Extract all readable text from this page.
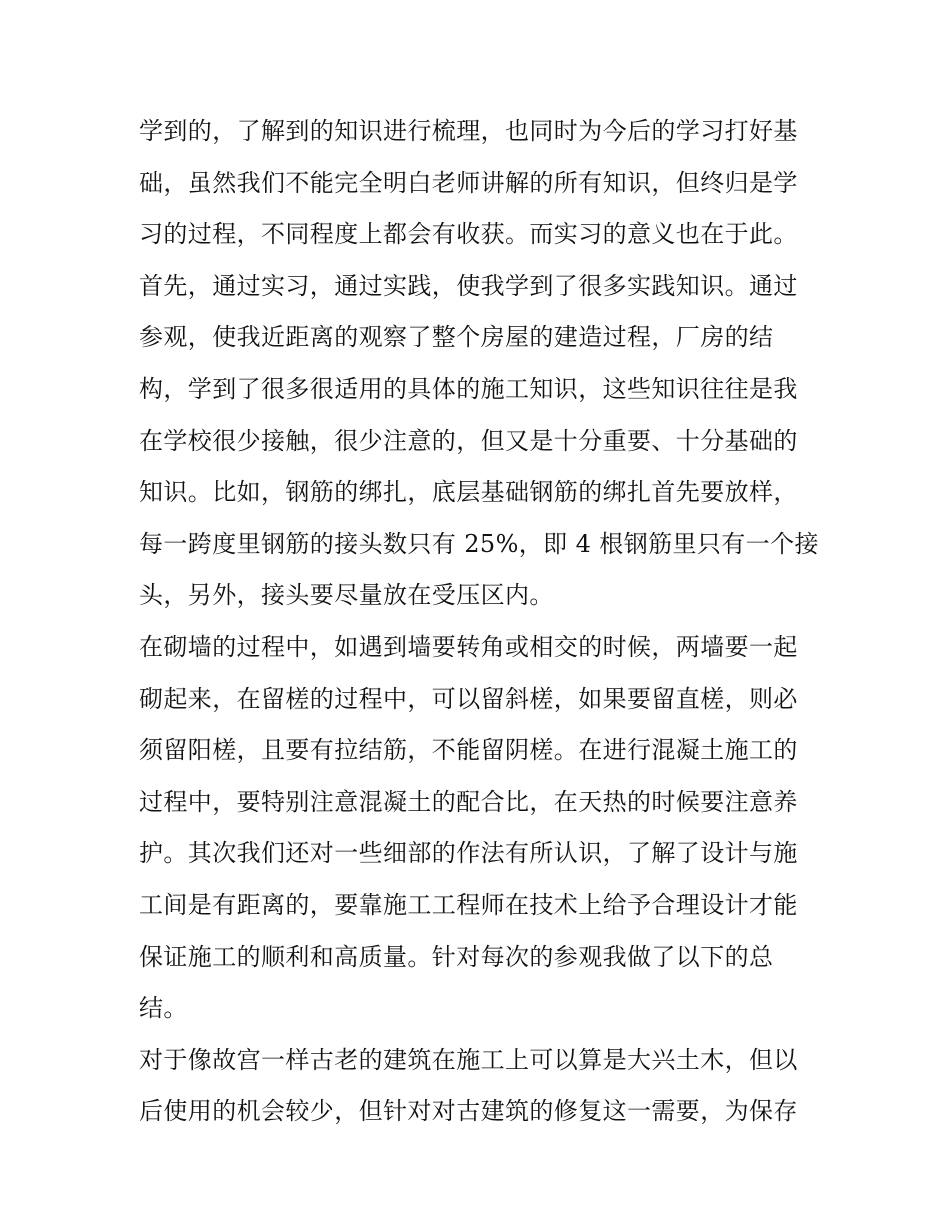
学到的，了解到的知识进行梳理，也同时为今后的学习打好基
础，虽然我们不能完全明白老师讲解的所有知识，但终归是学
习的过程，不同程度上都会有收获。而实习的意义也在于此。
首先，通过实习，通过实践，使我学到了很多实践知识。通过
参观，使我近距离的观察了整个房屋的建造过程，厂房的结
构，学到了很多很适用的具体的施工知识，这些知识往往是我
在学校很少接触，很少注意的，但又是十分重要、十分基础的
知识。比如，钢筋的绑扎，底层基础钢筋的绑扎首先要放样，
每一跨度里钢筋的接头数只有 25%，即 4 根钢筋里只有一个接
头，另外，接头要尽量放在受压区内。
在砌墙的过程中，如遇到墙要转角或相交的时候，两墙要一起
砌起来，在留槎的过程中，可以留斜槎，如果要留直槎，则必
须留阳槎，且要有拉结筋，不能留阴槎。在进行混凝土施工的
过程中，要特别注意混凝土的配合比，在天热的时候要注意养
护。其次我们还对一些细部的作法有所认识，了解了设计与施
工间是有距离的，要靠施工工程师在技术上给予合理设计才能
保证施工的顺利和高质量。针对每次的参观我做了以下的总
结。
对于像故宫一样古老的建筑在施工上可以算是大兴土木，但以
后使用的机会较少，但针对对古建筑的修复这一需要，为保存
